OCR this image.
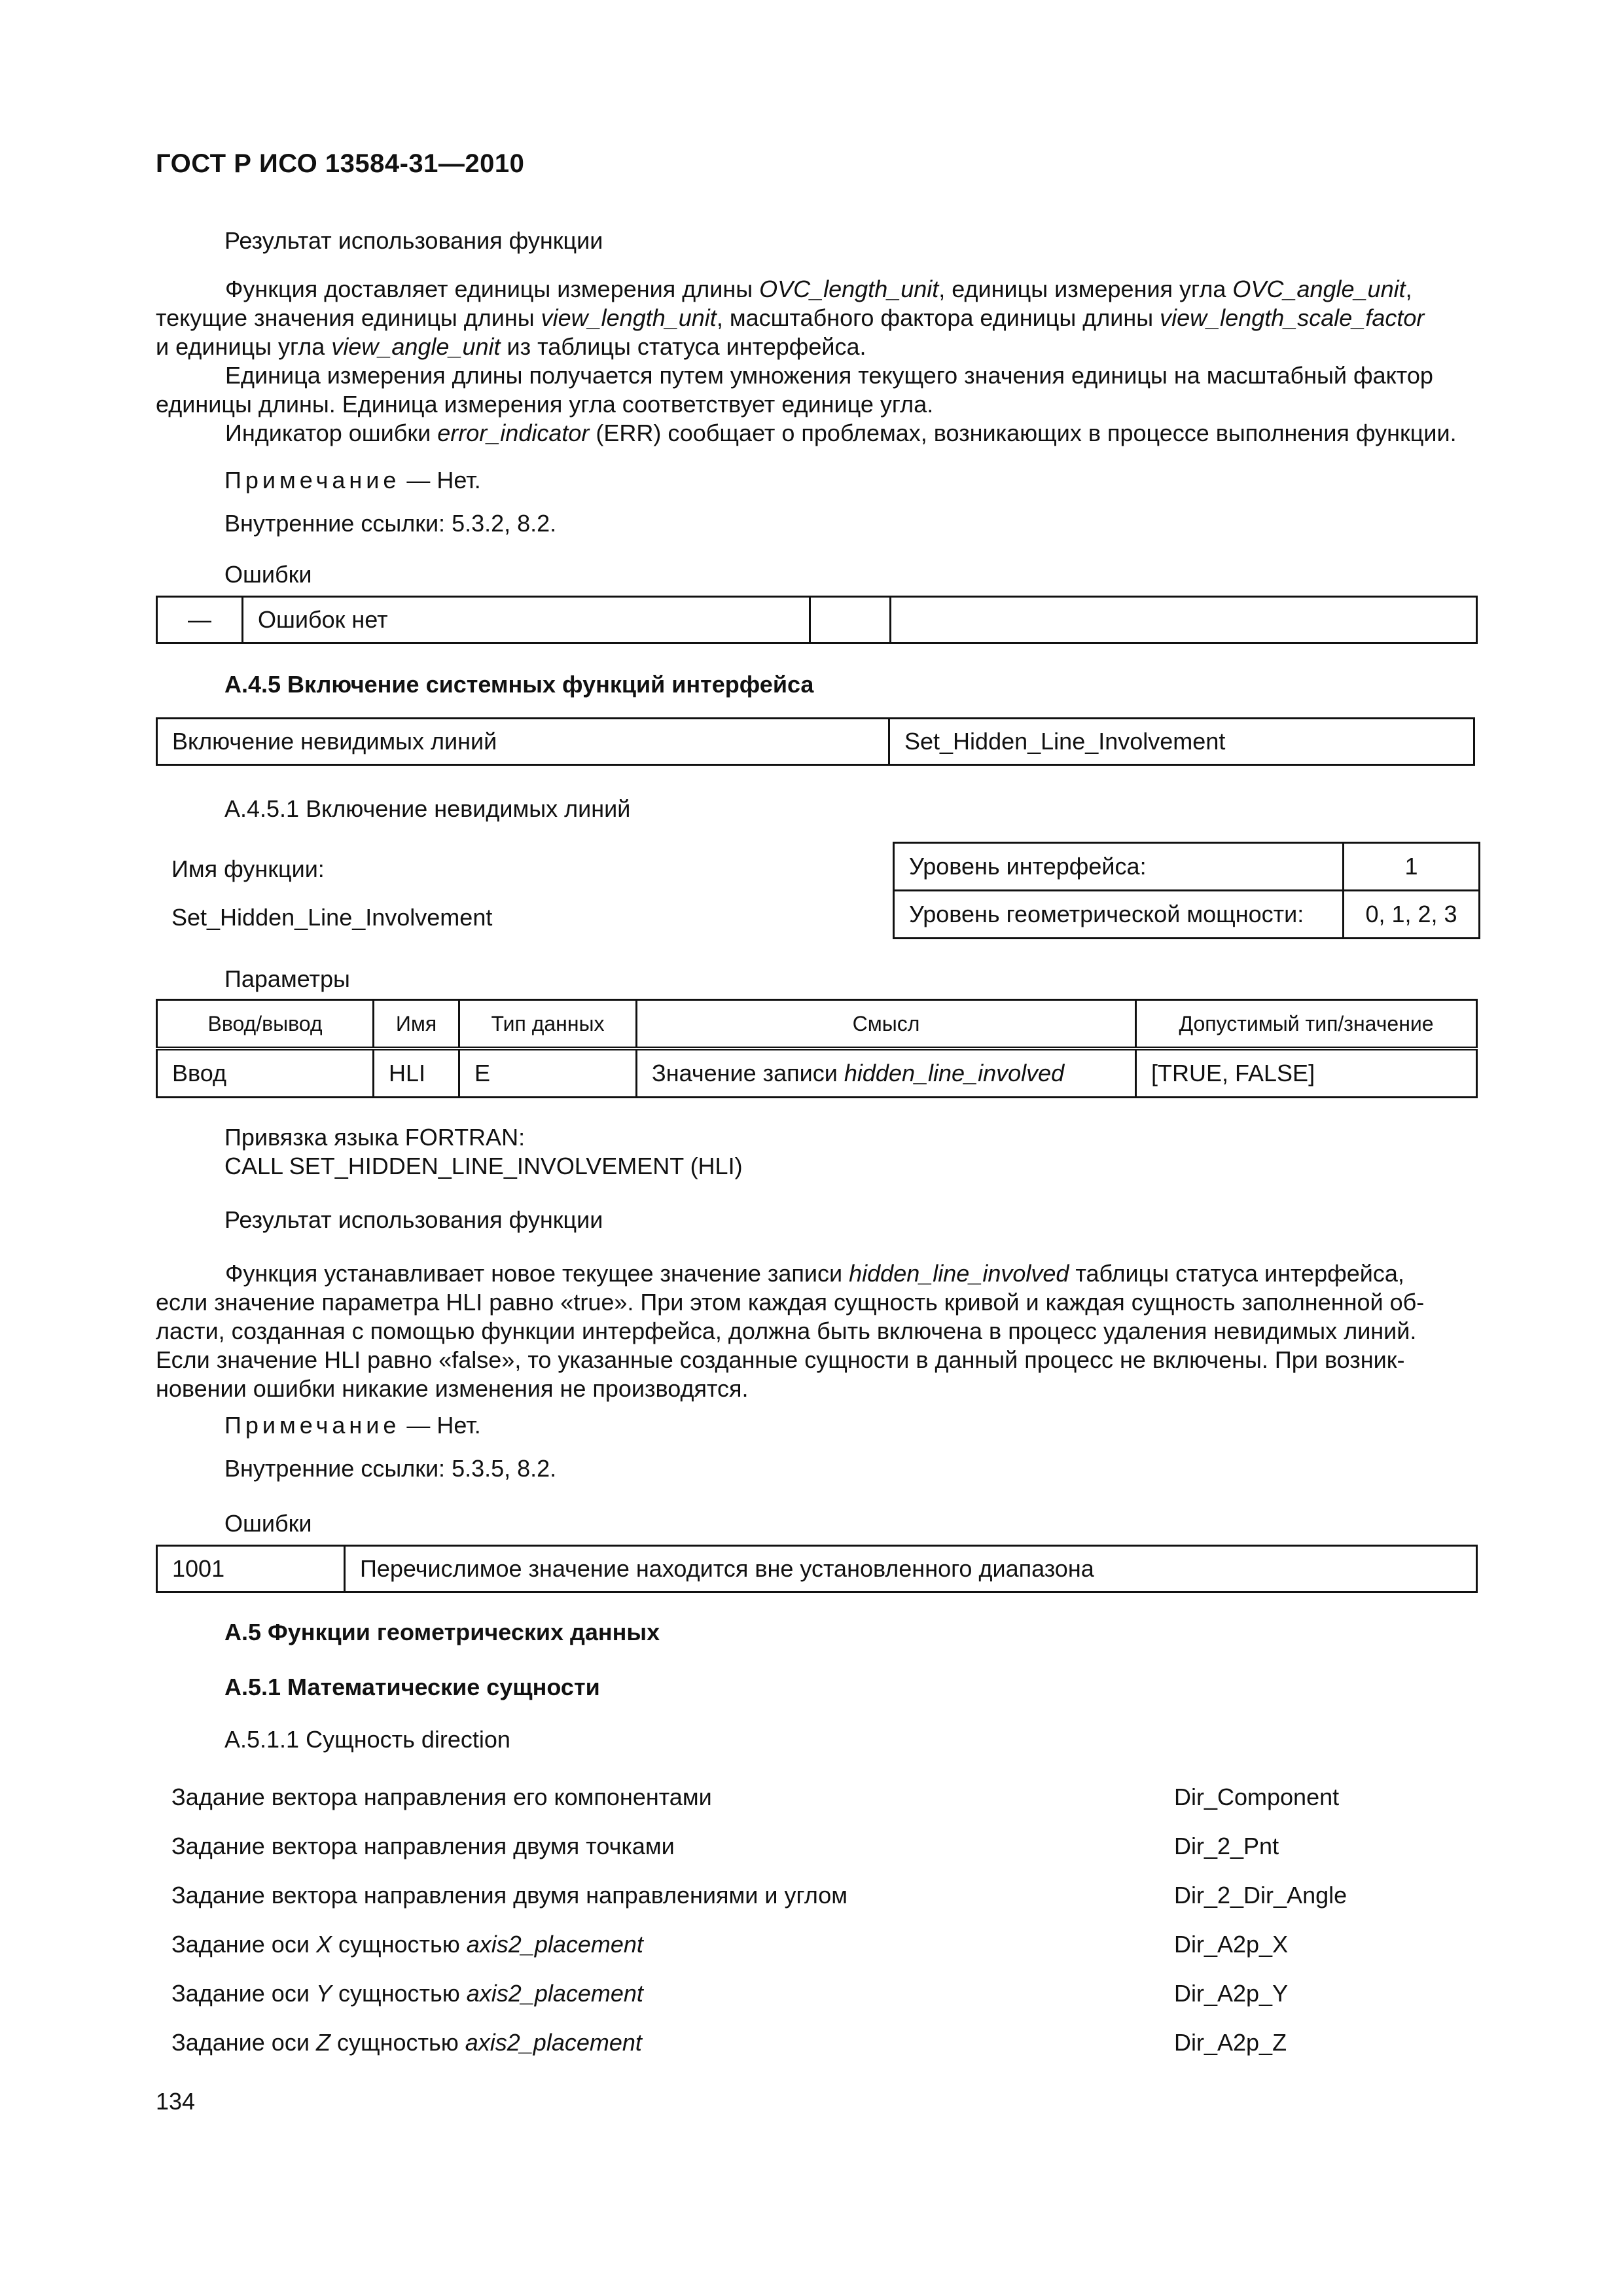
ГОСТ Р ИСО 13584-31—2010
Результат использования функции
Функция доставляет единицы измерения длины OVC_length_unit, единицы измерения угла OVC_angle_unit,
текущие значения единицы длины view_length_unit, масштабного фактора единицы длины view_length_scale_factor
и единицы угла view_angle_unit из таблицы статуса интерфейса.
Единица измерения длины получается путем умножения текущего значения единицы на масштабный фактор
единицы длины. Единица измерения угла соответствует единице угла.
Индикатор ошибки error_indicator (ERR) сообщает о проблемах, возникающих в процессе выполнения функции.
Примечание — Нет.
Внутренние ссылки: 5.3.2, 8.2.
Ошибки
—	Ошибок нет		
А.4.5 Включение системных функций интерфейса
Включение невидимых линий	Set_Hidden_Line_Involvement
А.4.5.1 Включение невидимых линий
Имя функции:
Set_Hidden_Line_Involvement
Уровень интерфейса:	1
Уровень геометрической мощности:	0, 1, 2, 3
Параметры
Ввод/вывод	Имя	Тип данных	Смысл	Допустимый тип/значение
Ввод	HLI	E	Значение записи hidden_line_involved	[TRUE, FALSE]
Привязка языка FORTRAN:
CALL SET_HIDDEN_LINE_INVOLVEMENT (HLI)
Результат использования функции
Функция устанавливает новое текущее значение записи hidden_line_involved таблицы статуса интерфейса,
если значение параметра HLI равно «true». При этом каждая сущность кривой и каждая сущность заполненной об-
ласти, созданная с помощью функции интерфейса, должна быть включена в процесс удаления невидимых линий.
Если значение HLI равно «false», то указанные созданные сущности в данный процесс не включены. При возник-
новении ошибки никакие изменения не производятся.
Примечание — Нет.
Внутренние ссылки: 5.3.5, 8.2.
Ошибки
1001	Перечислимое значение находится вне установленного диапазона
А.5 Функции геометрических данных
А.5.1 Математические сущности
А.5.1.1 Сущность direction
Задание вектора направления его компонентами	Dir_Component
Задание вектора направления двумя точками	Dir_2_Pnt
Задание вектора направления двумя направлениями и углом	Dir_2_Dir_Angle
Задание оси X сущностью axis2_placement	Dir_A2p_X
Задание оси Y сущностью axis2_placement	Dir_A2p_Y
Задание оси Z сущностью axis2_placement	Dir_A2p_Z
134
